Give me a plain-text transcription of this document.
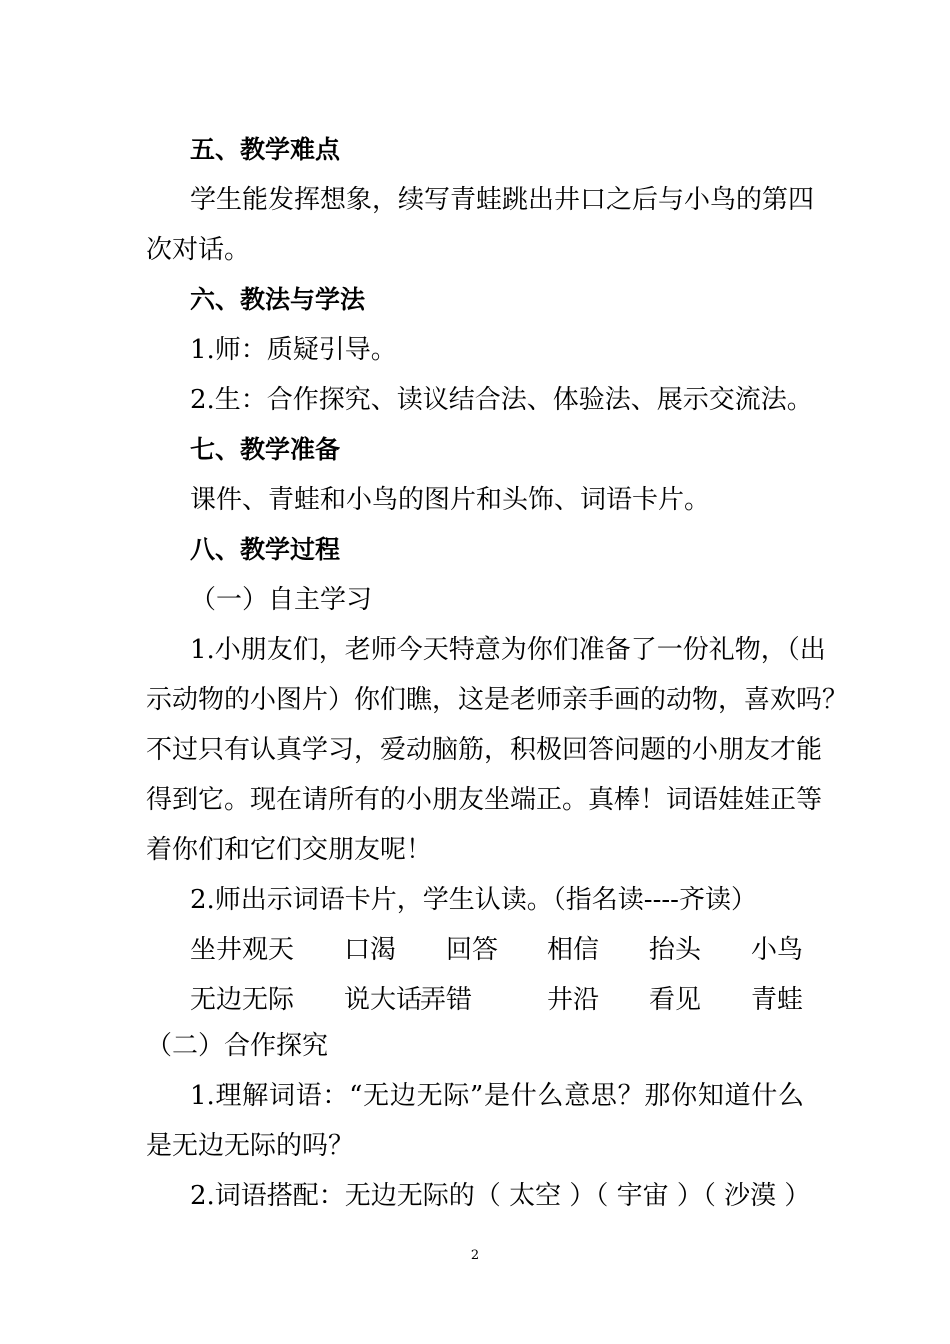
五、教学难点
学生能发挥想象，续写青蛙跳出井口之后与小鸟的第四
次对话。
六、教法与学法
1.师：质疑引导。
2.生：合作探究、读议结合法、体验法、展示交流法。
七、教学准备
课件、青蛙和小鸟的图片和头饰、词语卡片。
八、教学过程
（一）自主学习
1.小朋友们，老师今天特意为你们准备了一份礼物，（出
示动物的小图片）你们瞧，这是老师亲手画的动物，喜欢吗？
不过只有认真学习，爱动脑筋，积极回答问题的小朋友才能
得到它。现在请所有的小朋友坐端正。真棒！词语娃娃正等
着你们和它们交朋友呢！
2.师出示词语卡片，学生认读。（指名读----齐读）
坐井观天 口渴 回答 相信 抬头 小鸟
无边无际 说大话
弄错	井沿 看见 青蛙
（二）合作探究
1.理解词语：“无边无际”是什么意思？那你知道什么
是无边无际的吗？
2.词语搭配：无边无际的（ 太空 ）（ 宇宙 ）（ 沙漠 ）
2
